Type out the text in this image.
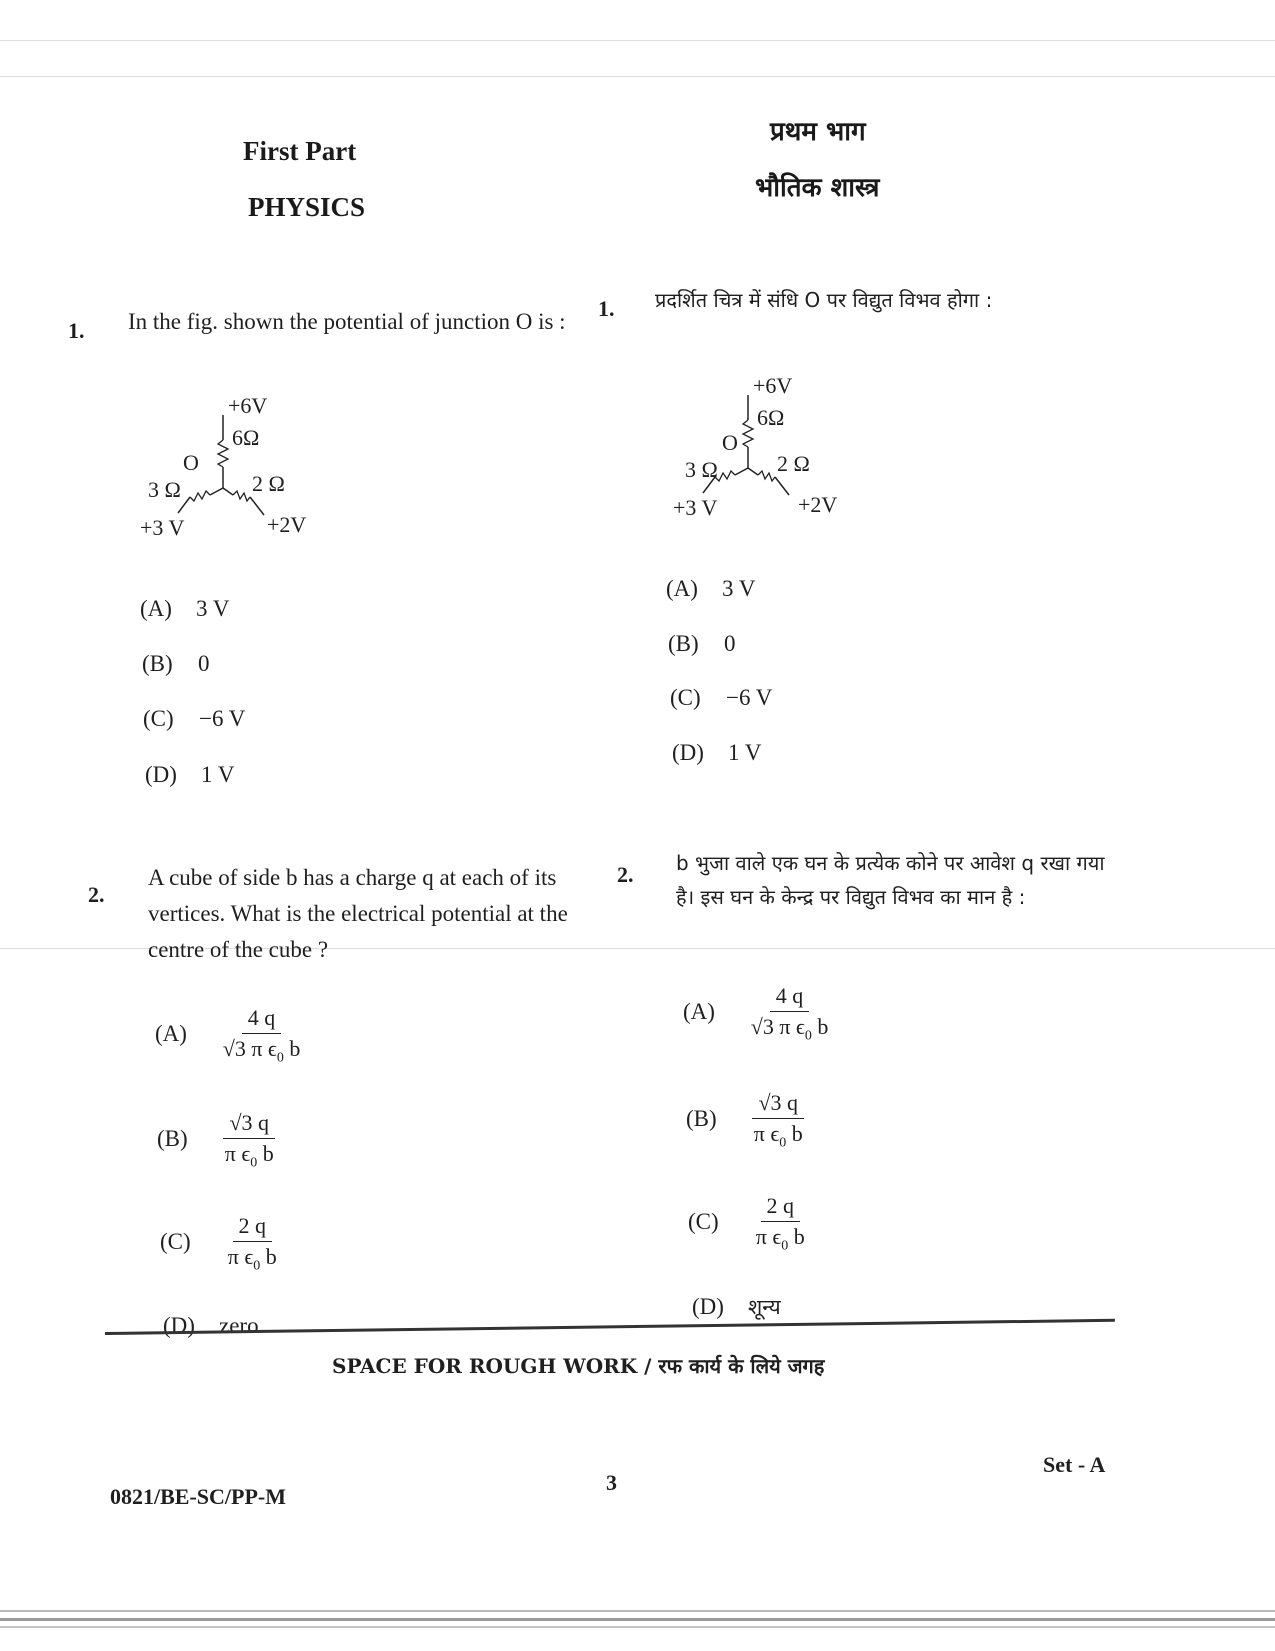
First Part
PHYSICS
प्रथम भाग
भौतिक शास्त्र
1. In the fig. shown the potential of junction O is :
+6V
6Ω
O
3 Ω	2 Ω
+3 V	+2V
(A) 3 V
(B) 0
(C) −6 V
(D) 1 V
1. प्रदर्शित चित्र में संधि O पर विद्युत विभव होगा :
+6V
6Ω
O
3 Ω	2 Ω
+3 V	+2V
(A) 3 V
(B) 0
(C) −6 V
(D) 1 V
2.
A cube of side b has a charge q at each of its vertices. What is the electrical potential at the centre of the cube ?
$(A) \frac{4 q}{√3 \pi \epsilon_0 b}$
$(B) \frac{√3 q}{\pi \epsilon_0 b}$
$(C) \frac{2 q}{\pi \epsilon_0 b}$
(D) zero
2. b भुजा वाले एक घन के प्रत्येक कोने पर आवेश q रखा गया है। इस घन के केन्द्र पर विद्युत विभव का मान है :
$(A) \frac{4 q}{√3 \pi \epsilon_0 b}$
$(B) \frac{√3 q}{\pi \epsilon_0 b}$
$(C) \frac{2 q}{\pi \epsilon_0 b}$
(D) शून्य
SPACE FOR ROUGH WORK / रफ कार्य के लिये जगह
3
Set - A
0821/BE-SC/PP-M
